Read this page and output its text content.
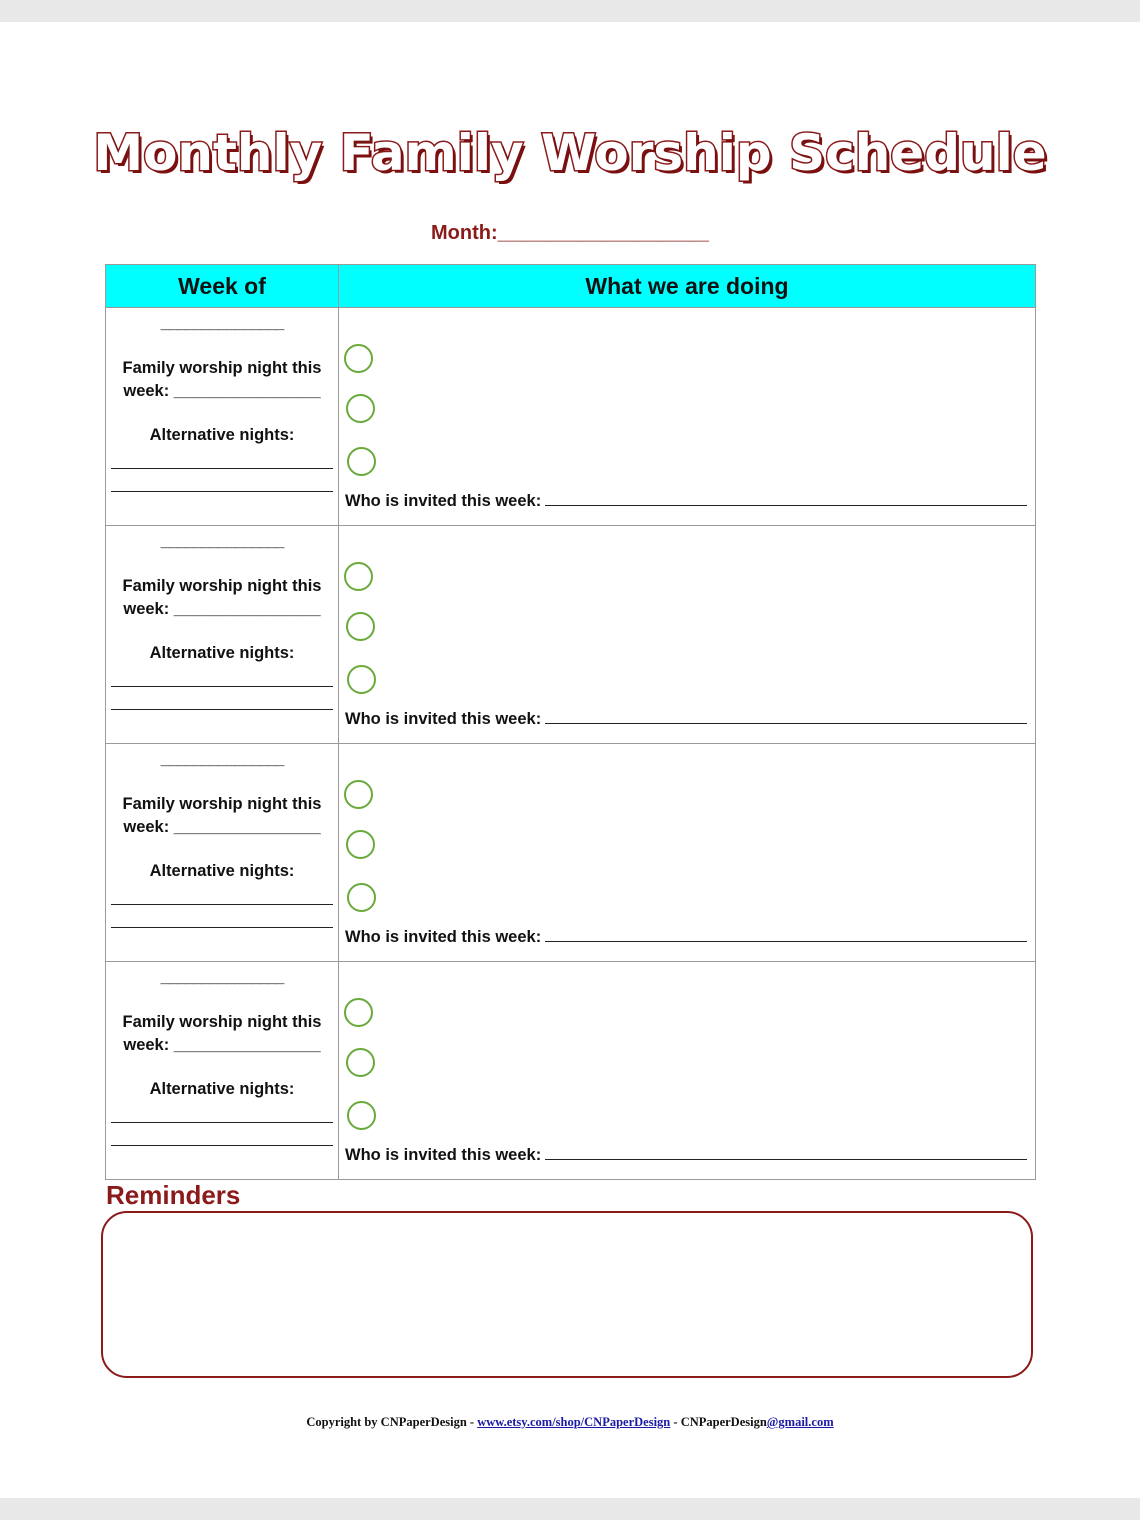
Monthly Family Worship Schedule
Month:___________________
Week of	What we are doing

_______________
Family worship night this
week: ________________
Alternative nights:	Who is invited this week:

_______________
Family worship night this
week: ________________
Alternative nights:	Who is invited this week:

_______________
Family worship night this
week: ________________
Alternative nights:	Who is invited this week:

_______________
Family worship night this
week: ________________
Alternative nights:	Who is invited this week:
Reminders
Copyright by CNPaperDesign - www.etsy.com/shop/CNPaperDesign - CNPaperDesign@gmail.com
